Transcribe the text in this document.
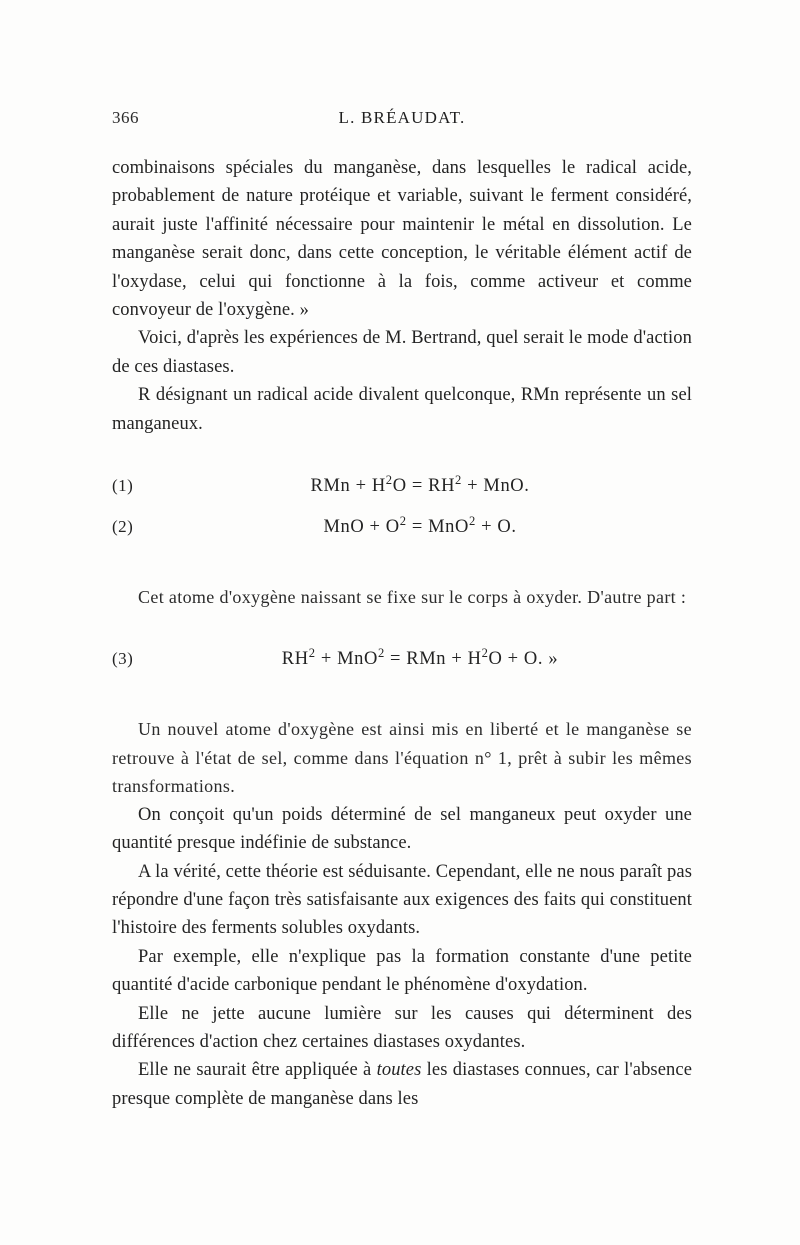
366	L. BRÉAUDAT.

combinaisons spéciales du manganèse, dans lesquelles le radical acide, probablement de nature protéique et variable, suivant le ferment considéré, aurait juste l'affinité nécessaire pour maintenir le métal en dissolution. Le manganèse serait donc, dans cette conception, le véritable élément actif de l'oxydase, celui qui fonctionne à la fois, comme activeur et comme convoyeur de l'oxygène. »

Voici, d'après les expériences de M. Bertrand, quel serait le mode d'action de ces diastases.

R désignant un radical acide divalent quelconque, RMn représente un sel manganeux.

(1)	RMn + $H^2O = RH^2$ + MnO.
(2)	MnO + $O^2 = MnO^2 + O$.

Cet atome d'oxygène naissant se fixe sur le corps à oxyder. D'autre part :

(3)	$RH^2 + MnO^2$ = RMn + $H^2O + O$. »

Un nouvel atome d'oxygène est ainsi mis en liberté et le manganèse se retrouve à l'état de sel, comme dans l'équation n° 1, prêt à subir les mêmes transformations.

On conçoit qu'un poids déterminé de sel manganeux peut oxyder une quantité presque indéfinie de substance.

A la vérité, cette théorie est séduisante. Cependant, elle ne nous paraît pas répondre d'une façon très satisfaisante aux exigences des faits qui constituent l'histoire des ferments solubles oxydants.

Par exemple, elle n'explique pas la formation constante d'une petite quantité d'acide carbonique pendant le phénomène d'oxydation.

Elle ne jette aucune lumière sur les causes qui déterminent des différences d'action chez certaines diastases oxydantes.

Elle ne saurait être appliquée à toutes les diastases connues, car l'absence presque complète de manganèse dans les
